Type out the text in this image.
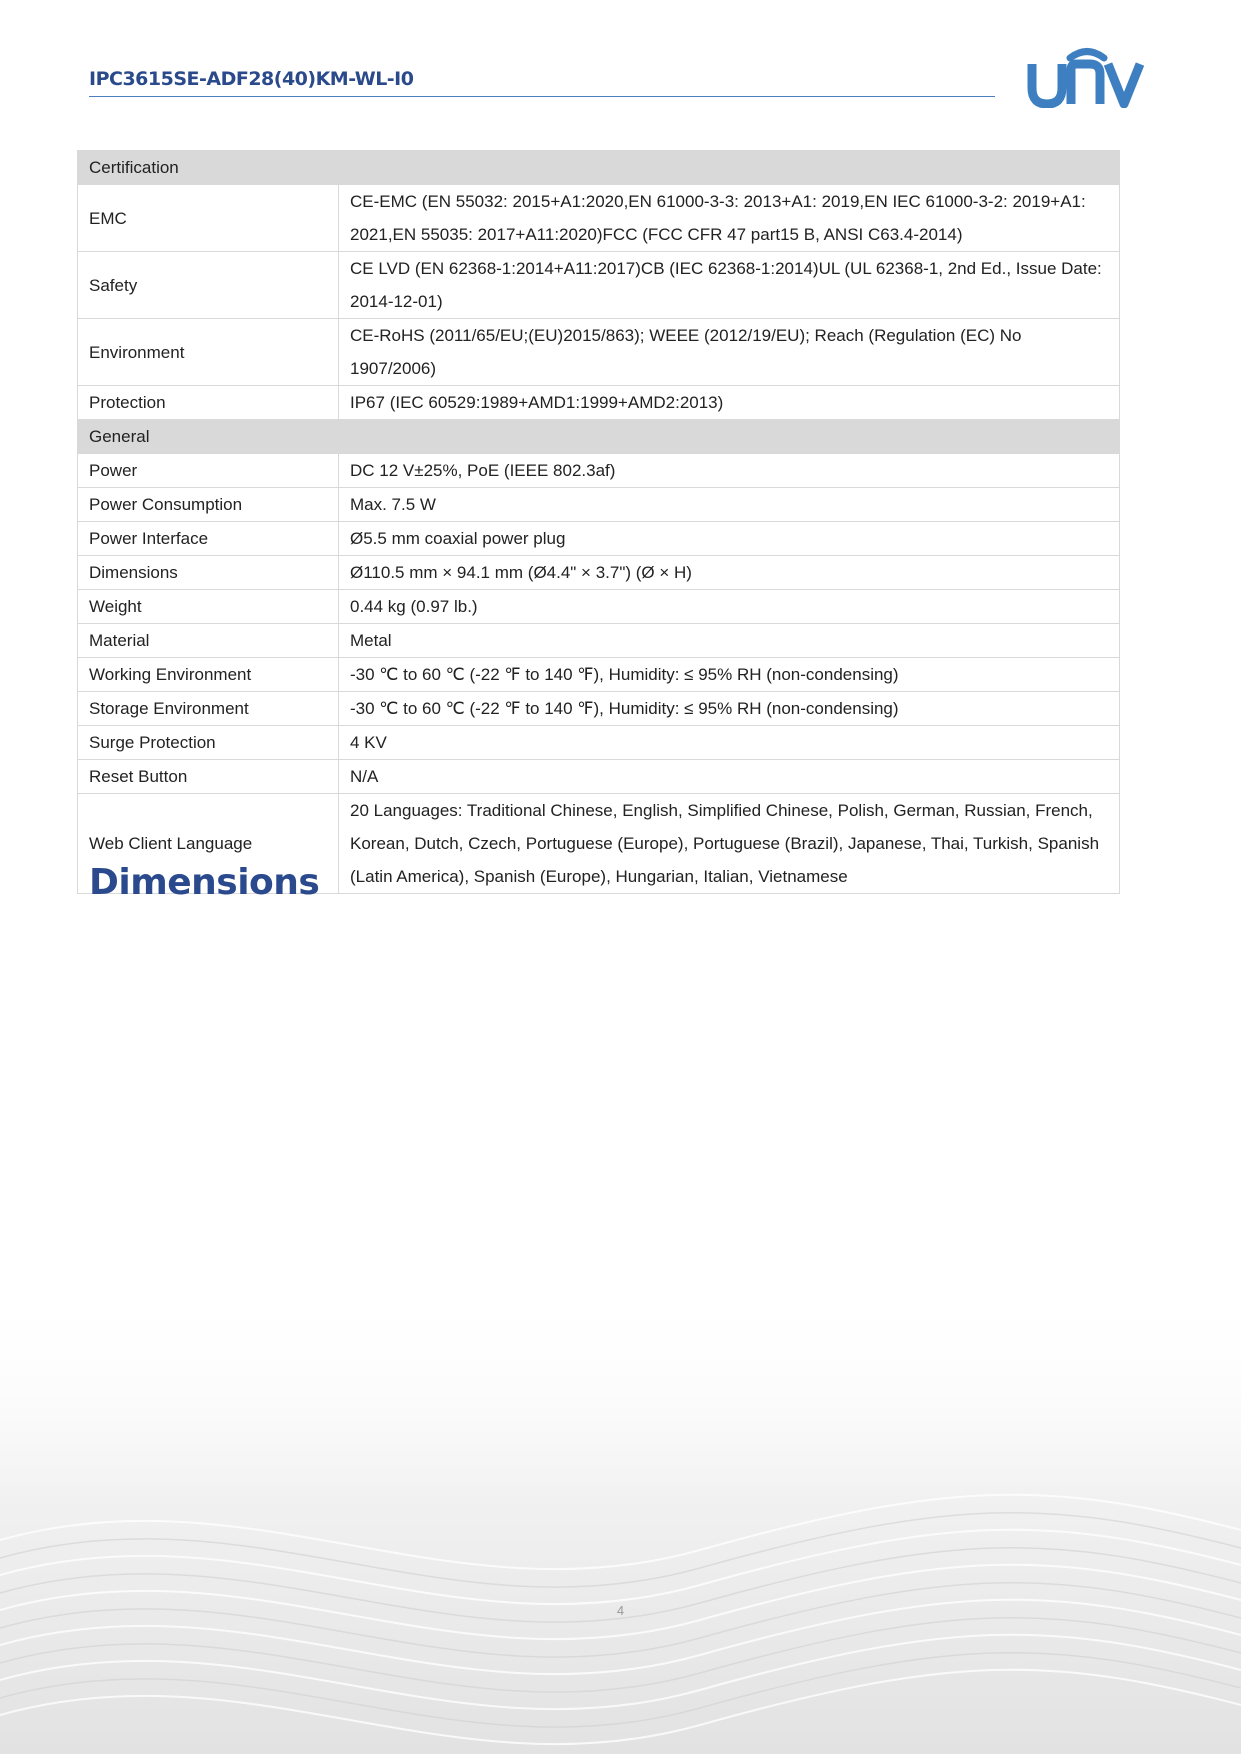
IPC3615SE-ADF28(40)KM-WL-I0
Certification	
EMC	CE-EMC (EN 55032: 2015+A1:2020,EN 61000-3-3: 2013+A1: 2019,EN IEC 61000-3-2: 2019+A1: 2021,EN 55035: 2017+A11:2020)FCC (FCC CFR 47 part15 B, ANSI C63.4-2014)
Safety	CE LVD (EN 62368-1:2014+A11:2017)CB (IEC 62368-1:2014)UL (UL 62368-1, 2nd Ed., Issue Date: 2014-12-01)
Environment	CE-RoHS (2011/65/EU;(EU)2015/863); WEEE (2012/19/EU); Reach (Regulation (EC) No 1907/2006)
Protection	IP67 (IEC 60529:1989+AMD1:1999+AMD2:2013)
General	
Power	DC 12 V±25%, PoE (IEEE 802.3af)
Power Consumption	Max. 7.5 W
Power Interface	Ø5.5 mm coaxial power plug
Dimensions	Ø110.5 mm × 94.1 mm (Ø4.4" × 3.7") (Ø × H)
Weight	0.44 kg (0.97 lb.)
Material	Metal
Working Environment	-30 ℃ to 60 ℃ (-22 ℉ to 140 ℉), Humidity: ≤ 95% RH (non-condensing)
Storage Environment	-30 ℃ to 60 ℃ (-22 ℉ to 140 ℉), Humidity: ≤ 95% RH (non-condensing)
Surge Protection	4 KV
Reset Button	N/A
Web Client Language	20 Languages: Traditional Chinese, English, Simplified Chinese, Polish, German, Russian, French, Korean, Dutch, Czech, Portuguese (Europe), Portuguese (Brazil), Japanese, Thai, Turkish, Spanish (Latin America), Spanish (Europe), Hungarian, Italian, Vietnamese
Dimensions
4
